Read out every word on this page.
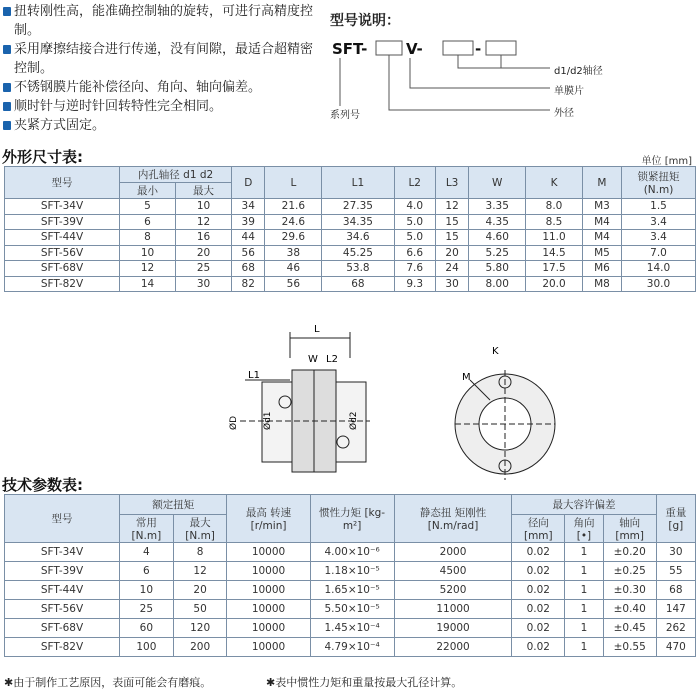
扭转刚性高，能准确控制轴的旋转，可进行高精度控制。
采用摩擦结接合进行传递，没有间隙，最适合超精密控制。
不锈钢膜片能补偿径向、角向、轴向偏差。
顺时针与逆时针回转特性完全相同。
夹紧方式固定。
型号说明：
SFT-	V-	-
d1/d2轴径
单膜片
外径
系列号
外形尺寸表:	单位 [mm]
型号	内孔轴径 d1 d2		D	L	L1	L2	L3	W	K	M	锁紧扭矩 (N.m)
	最小	最大									
SFT-34V	5	10	34	21.6	27.35	4.0	12	3.35	8.0	M3	1.5
SFT-39V	6	12	39	24.6	34.35	5.0	15	4.35	8.5	M4	3.4
SFT-44V	8	16	44	29.6	34.6	5.0	15	4.60	11.0	M4	3.4
SFT-56V	10	20	56	38	45.25	6.6	20	5.25	14.5	M5	7.0
SFT-68V	12	25	68	46	53.8	7.6	24	5.80	17.5	M6	14.0
SFT-82V	14	30	82	56	68	9.3	30	8.00	20.0	M8	30.0
L
W L2
L1
Ød1	Ød2
ØD
K
M
技术参数表:
型号	额定扭矩		最高 转速 [r/min]	惯性力矩 [kg-m²]	静态扭 矩刚性 [N.m/rad]	最大容许偏差			重量 [g]
	常用 [N.m]	最大 [N.m]				径向 [mm]	角向 [•]	轴向 [mm]	
SFT-34V	4	8	10000	4.00×10⁻⁶	2000	0.02	1	±0.20	30
SFT-39V	6	12	10000	1.18×10⁻⁵	4500	0.02	1	±0.25	55
SFT-44V	10	20	10000	1.65×10⁻⁵	5200	0.02	1	±0.30	68
SFT-56V	25	50	10000	5.50×10⁻⁵	11000	0.02	1	±0.40	147
SFT-68V	60	120	10000	1.45×10⁻⁴	19000	0.02	1	±0.45	262
SFT-82V	100	200	10000	4.79×10⁻⁴	22000	0.02	1	±0.55	470
✱由于制作工艺原因，表面可能会有磨痕。	✱表中惯性力矩和重量按最大孔径计算。
